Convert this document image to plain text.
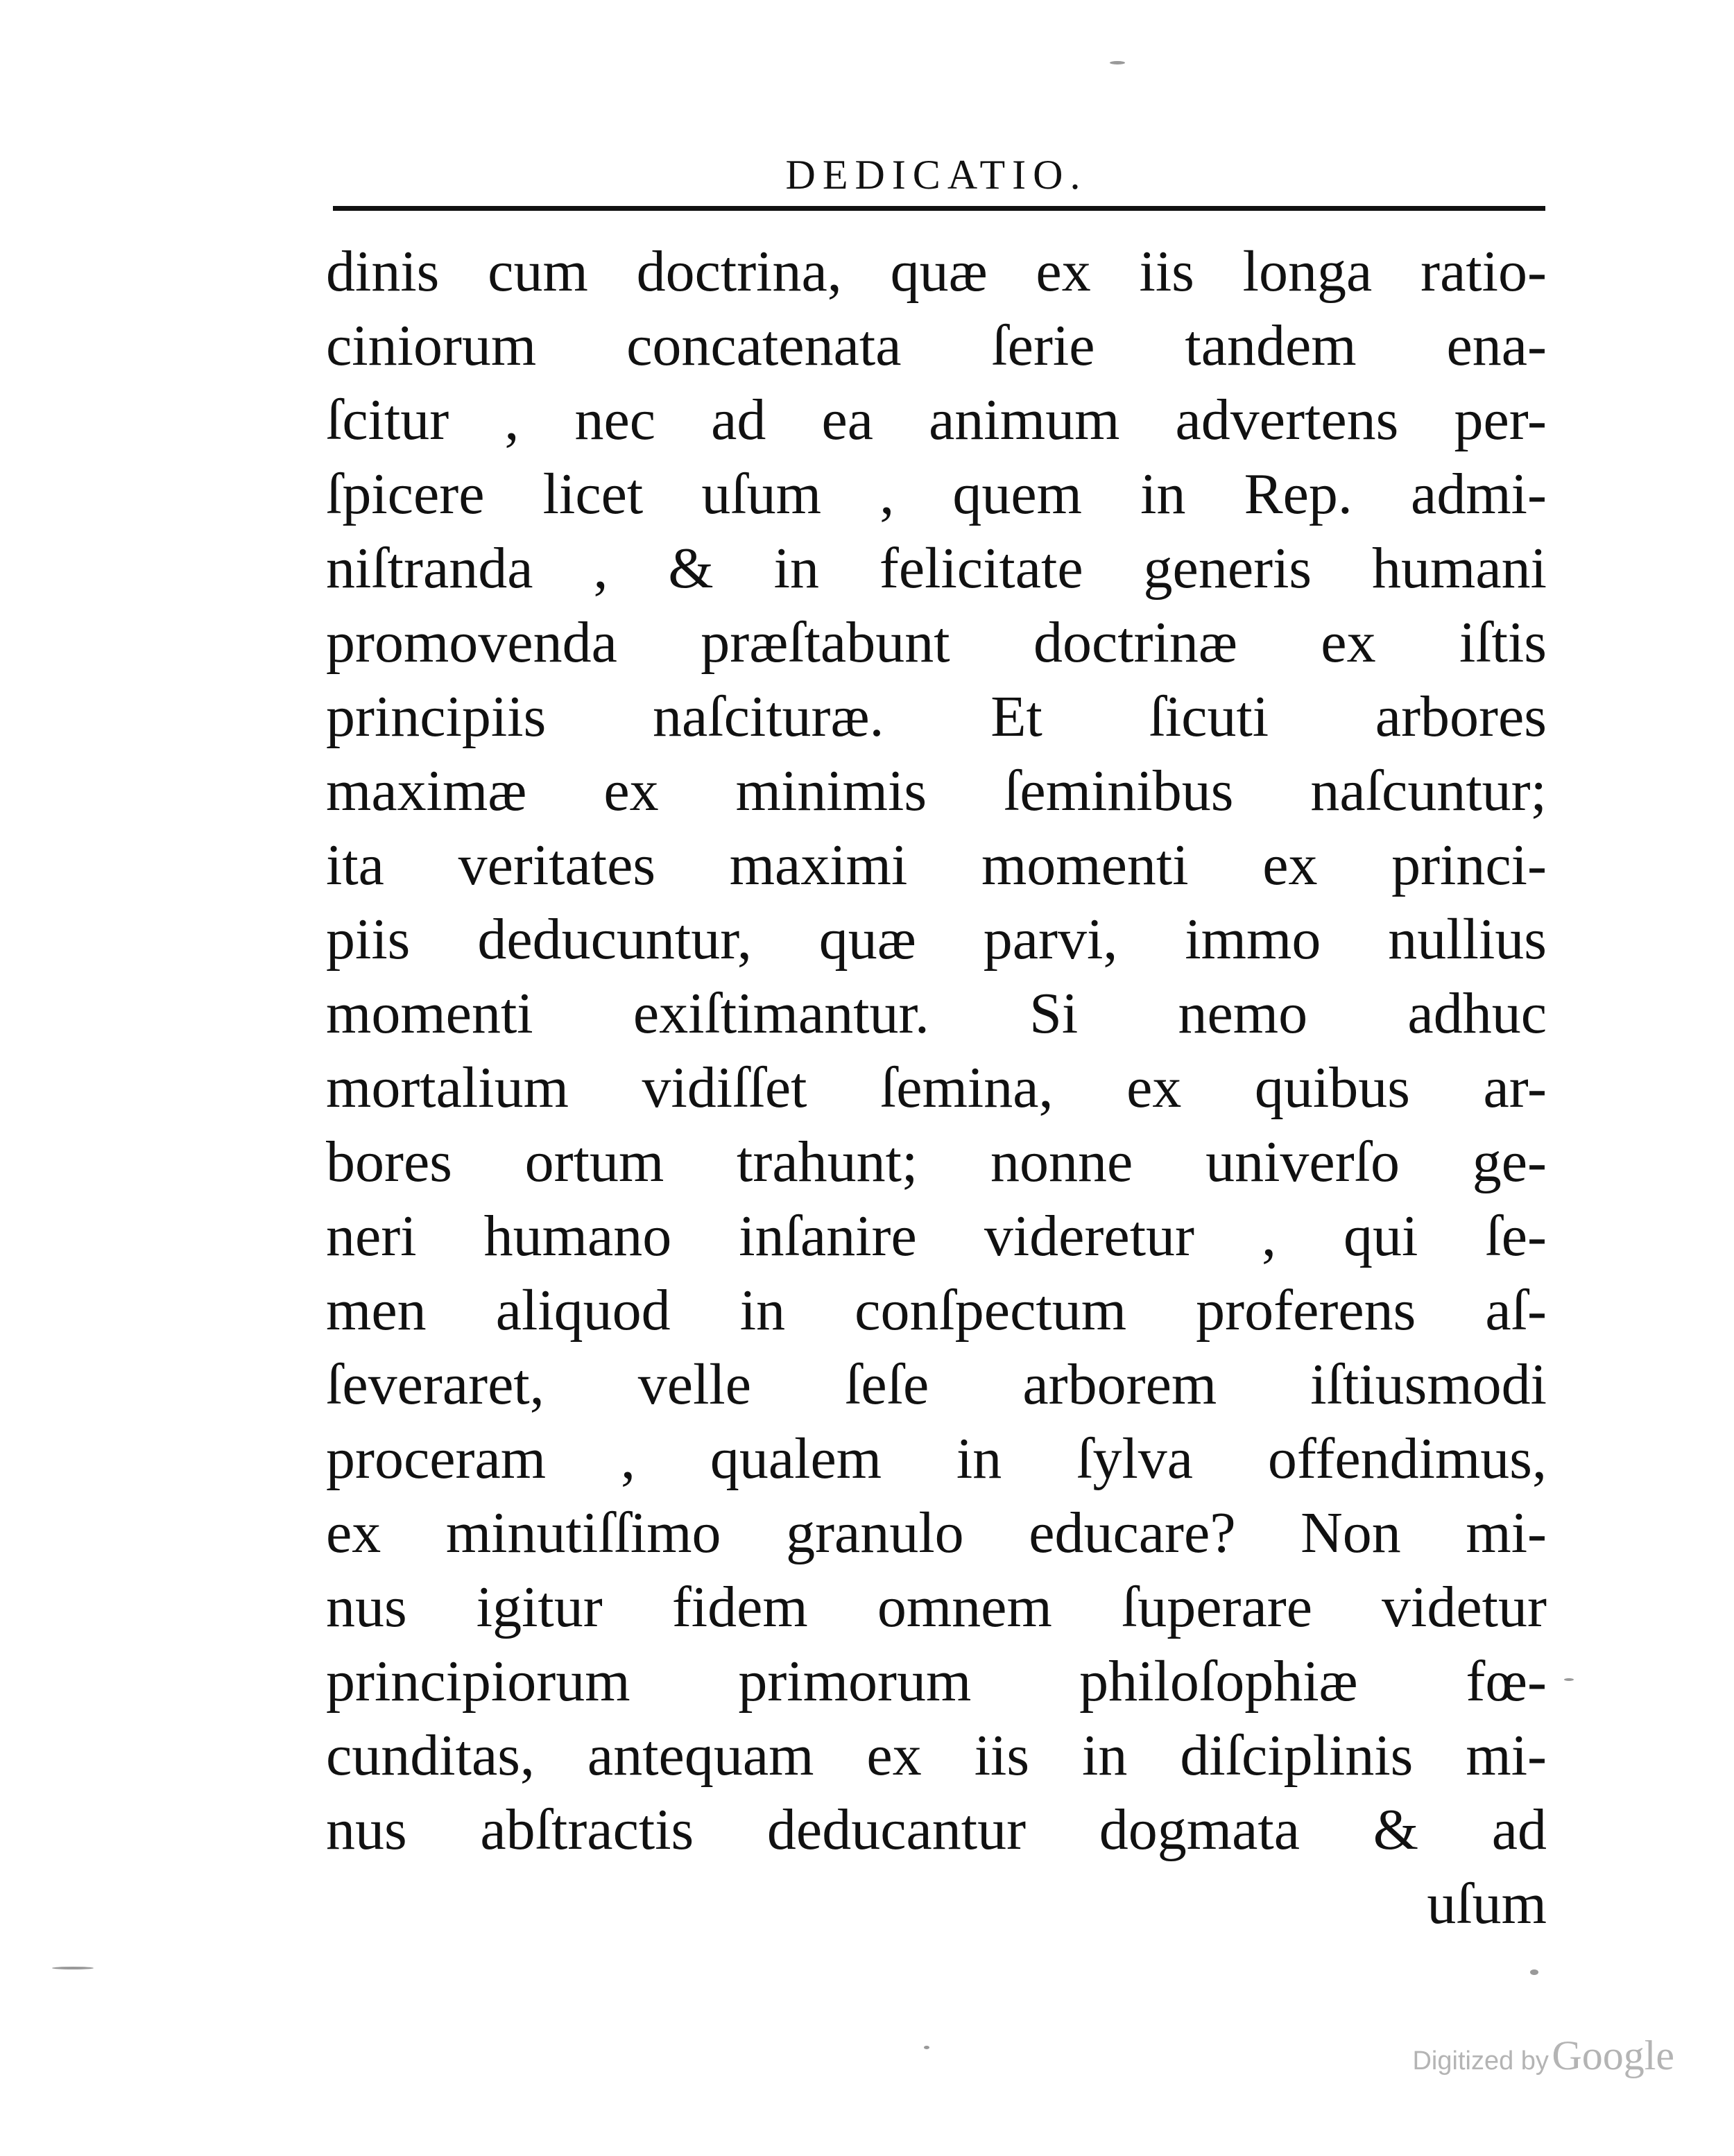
DEDICATIO.
dinis cum doctrina, quæ ex iis longa ratio-
ciniorum concatenata ſerie tandem ena-
ſcitur , nec ad ea animum advertens per-
ſpicere licet uſum , quem in Rep. admi-
niſtranda , & in felicitate generis humani
promovenda præſtabunt doctrinæ ex iſtis
principiis naſcituræ. Et ſicuti arbores
maximæ ex minimis ſeminibus naſcuntur;
ita veritates maximi momenti ex princi-
piis deducuntur, quæ parvi, immo nullius
momenti exiſtimantur. Si nemo adhuc
mortalium vidiſſet ſemina, ex quibus ar-
bores ortum trahunt; nonne univerſo ge-
neri humano inſanire videretur , qui ſe-
men aliquod in conſpectum proferens aſ-
ſeveraret, velle ſeſe arborem iſtiusmodi
proceram , qualem in ſylva offendimus,
ex minutiſſimo granulo educare? Non mi-
nus igitur fidem omnem ſuperare videtur
principiorum primorum philoſophiæ fœ-
cunditas, antequam ex iis in diſciplinis mi-
nus abſtractis deducantur dogmata & ad
uſum
Digitized by Google
